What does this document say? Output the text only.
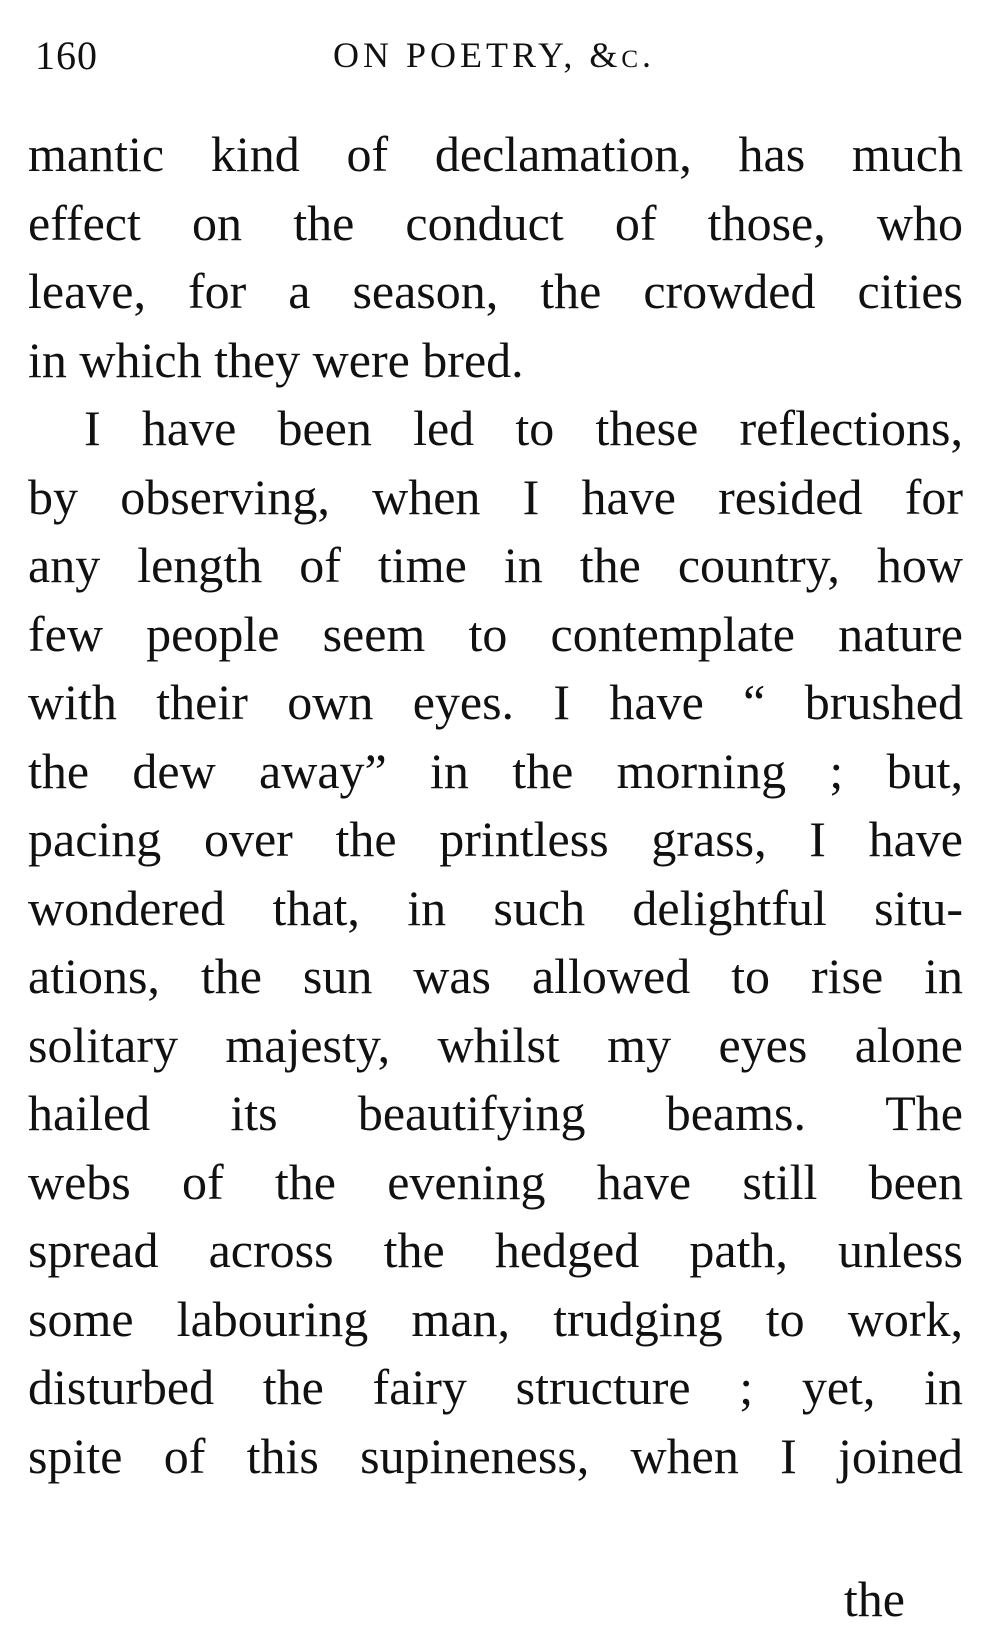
160	ON POETRY, &c.
mantic kind of declamation, has much
effect on the conduct of those, who
leave, for a season, the crowded cities
in which they were bred.
I have been led to these reflections,
by observing, when I have resided for
any length of time in the country, how
few people seem to contemplate nature
with their own eyes. I have “ brushed
the dew away” in the morning ; but,
pacing over the printless grass, I have
wondered that, in such delightful situ-
ations, the sun was allowed to rise in
solitary majesty, whilst my eyes alone
hailed its beautifying beams. The
webs of the evening have still been
spread across the hedged path, unless
some labouring man, trudging to work,
disturbed the fairy structure ; yet, in
spite of this supineness, when I joined
the
